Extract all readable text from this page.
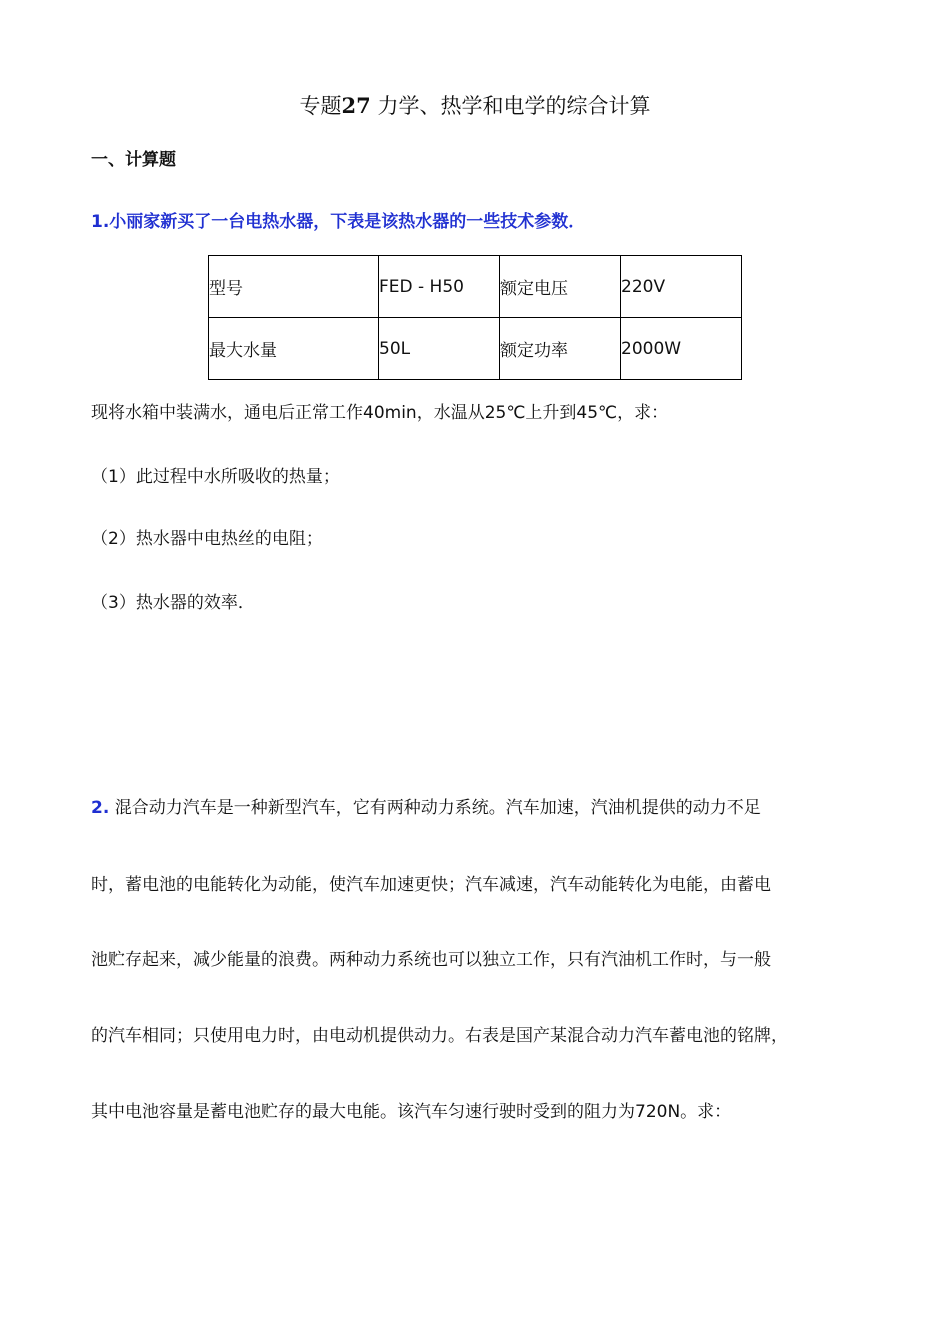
专题27 力学、热学和电学的综合计算
一、计算题
1.小丽家新买了一台电热水器，下表是该热水器的一些技术参数．
型号	FED - H50	额定电压	220V

最大水量	50L	额定功率	2000W
现将水箱中装满水，通电后正常工作40min，水温从25℃上升到45℃，求：
（1）此过程中水所吸收的热量；
（2）热水器中电热丝的电阻；
（3）热水器的效率．
2. 混合动力汽车是一种新型汽车，它有两种动力系统。汽车加速，汽油机提供的动力不足
时，蓄电池的电能转化为动能，使汽车加速更快；汽车减速，汽车动能转化为电能，由蓄电
池贮存起来，减少能量的浪费。两种动力系统也可以独立工作，只有汽油机工作时，与一般
的汽车相同；只使用电力时，由电动机提供动力。右表是国产某混合动力汽车蓄电池的铭牌，
其中电池容量是蓄电池贮存的最大电能。该汽车匀速行驶时受到的阻力为720N。求：
